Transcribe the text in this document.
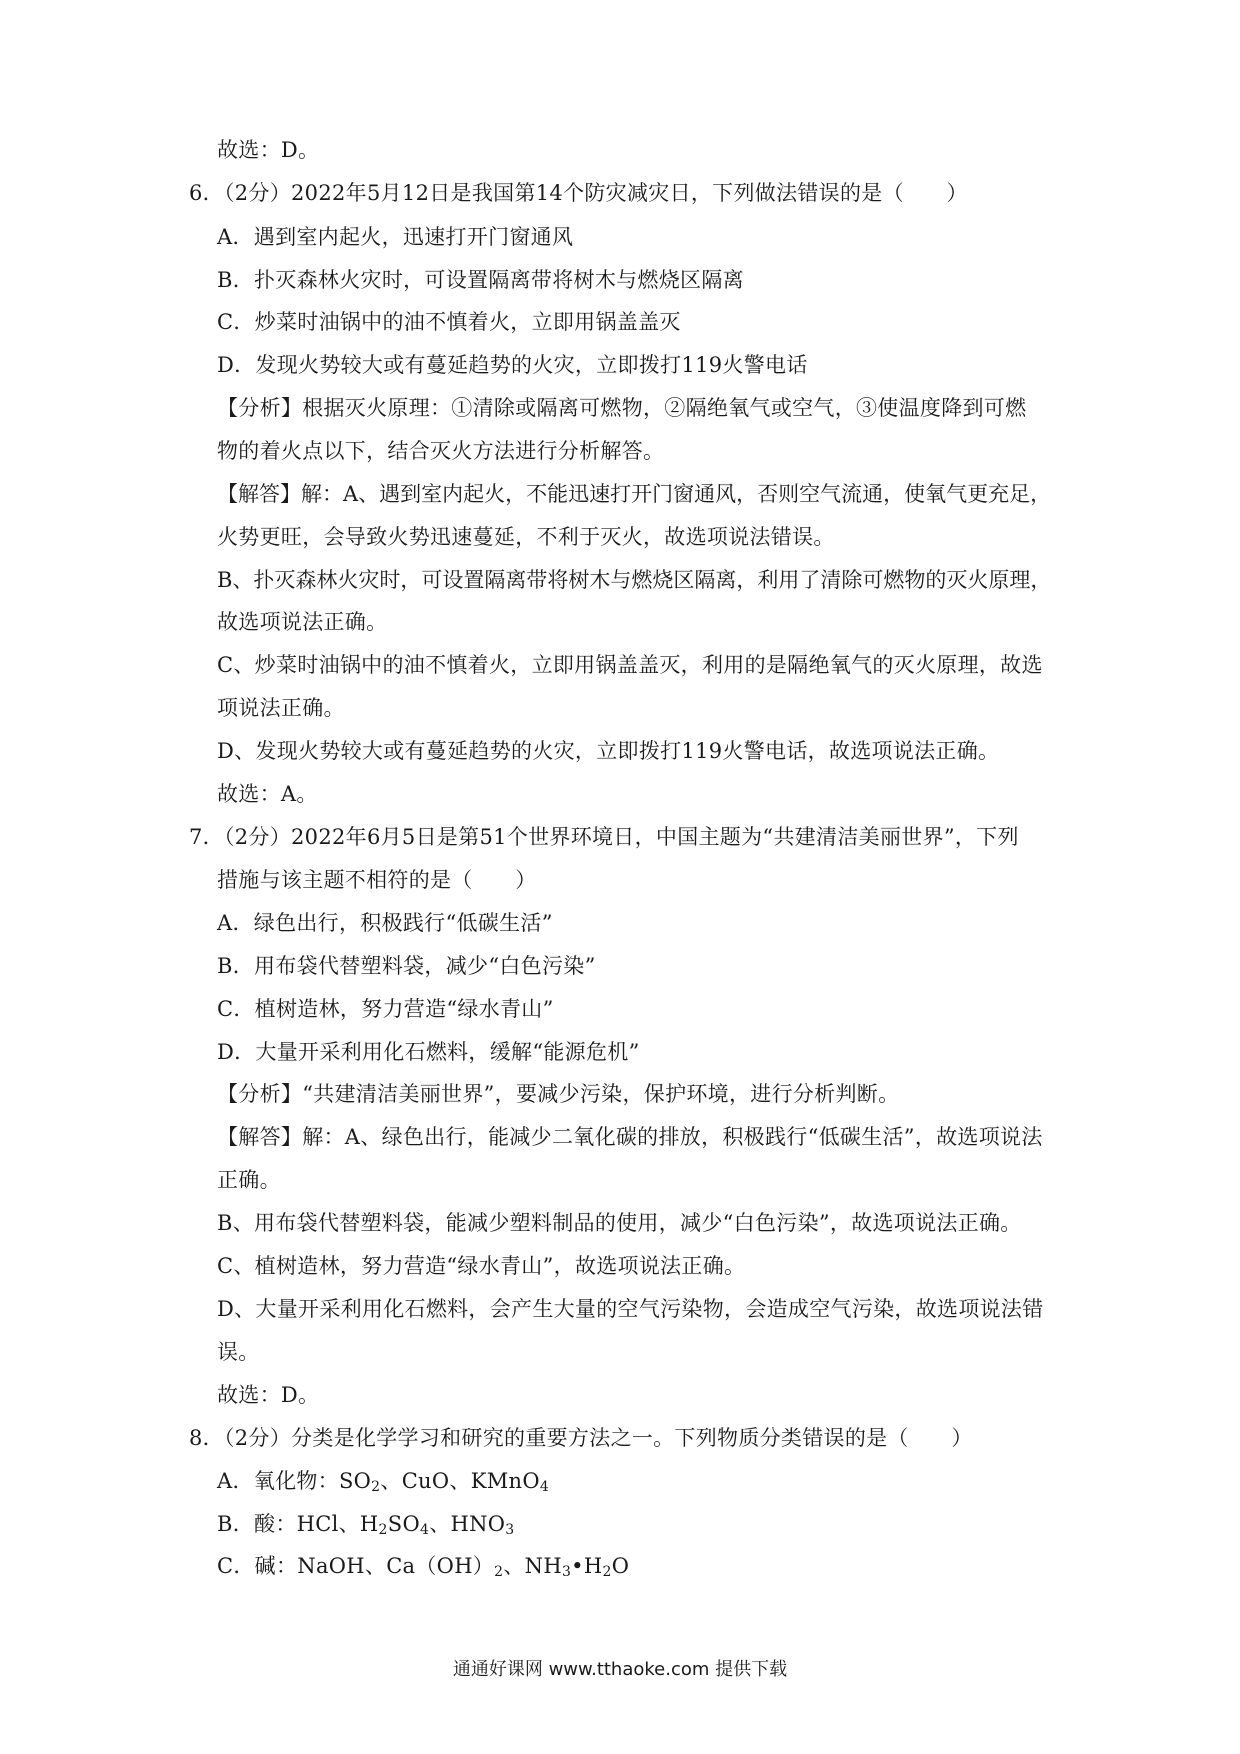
故选：D。
6．（2分）2022年5月12日是我国第14个防灾减灾日，下列做法错误的是（　　）
A．遇到室内起火，迅速打开门窗通风
B．扑灭森林火灾时，可设置隔离带将树木与燃烧区隔离
C．炒菜时油锅中的油不慎着火，立即用锅盖盖灭
D．发现火势较大或有蔓延趋势的火灾，立即拨打119火警电话
【分析】根据灭火原理：①清除或隔离可燃物，②隔绝氧气或空气，③使温度降到可燃
物的着火点以下，结合灭火方法进行分析解答。
【解答】解：A、遇到室内起火，不能迅速打开门窗通风，否则空气流通，使氧气更充足，
火势更旺，会导致火势迅速蔓延，不利于灭火，故选项说法错误。
B、扑灭森林火灾时，可设置隔离带将树木与燃烧区隔离，利用了清除可燃物的灭火原理，
故选项说法正确。
C、炒菜时油锅中的油不慎着火，立即用锅盖盖灭，利用的是隔绝氧气的灭火原理，故选
项说法正确。
D、发现火势较大或有蔓延趋势的火灾，立即拨打119火警电话，故选项说法正确。
故选：A。
7．（2分）2022年6月5日是第51个世界环境日，中国主题为“共建清洁美丽世界”，下列
措施与该主题不相符的是（　　）
A．绿色出行，积极践行“低碳生活”
B．用布袋代替塑料袋，减少“白色污染”
C．植树造林，努力营造“绿水青山”
D．大量开采利用化石燃料，缓解“能源危机”
【分析】“共建清洁美丽世界”，要减少污染，保护环境，进行分析判断。
【解答】解：A、绿色出行，能减少二氧化碳的排放，积极践行“低碳生活”，故选项说法
正确。
B、用布袋代替塑料袋，能减少塑料制品的使用，减少“白色污染”，故选项说法正确。
C、植树造林，努力营造“绿水青山”，故选项说法正确。
D、大量开采利用化石燃料，会产生大量的空气污染物，会造成空气污染，故选项说法错
误。
故选：D。
8．（2分）分类是化学学习和研究的重要方法之一。下列物质分类错误的是（　　）
A．氧化物：$SO_2$、CuO、KMnO$_4$
B．酸：HCl、$H_2SO_4$、$HNO_3$
C．碱：NaOH、$Ca(OH)_2$、$NH_3•H_2O$
通通好课网 www.tthaoke.com 提供下载
